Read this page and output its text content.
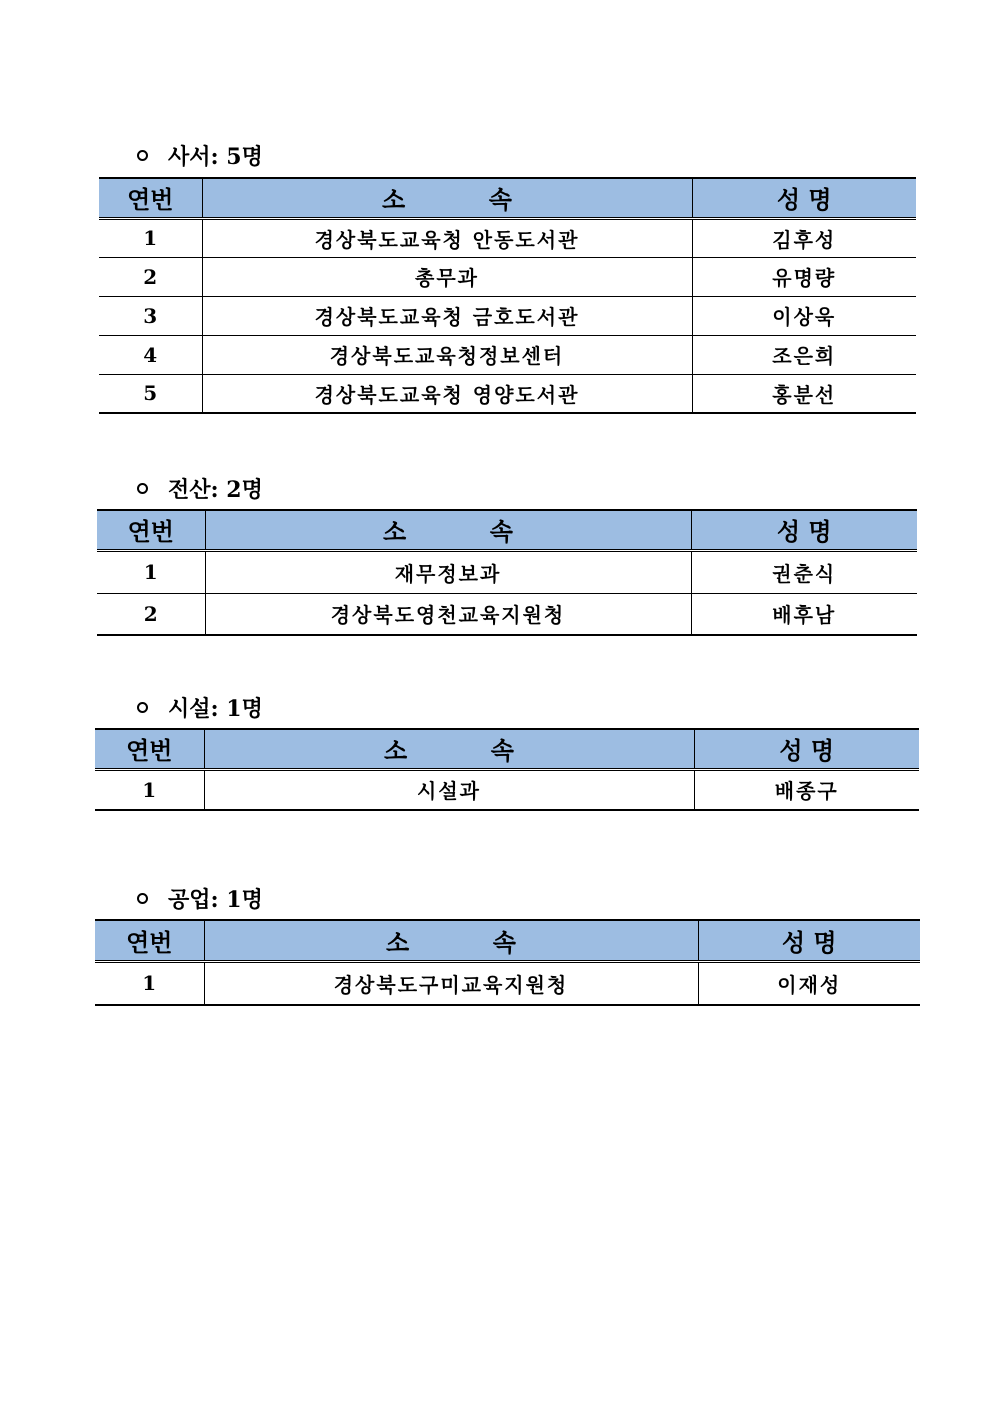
사서: 5명
연번	소          속	성 명
1	경상북도교육청 안동도서관	김후성
2	총무과	유명량
3	경상북도교육청 금호도서관	이상욱
4	경상북도교육청정보센터	조은희
5	경상북도교육청 영양도서관	홍분선
전산: 2명
연번	소          속	성 명
1	재무정보과	권춘식
2	경상북도영천교육지원청	배후남
시설: 1명
연번	소          속	성 명
1	시설과	배종구
공업: 1명
연번	소          속	성 명
1	경상북도구미교육지원청	이재성
